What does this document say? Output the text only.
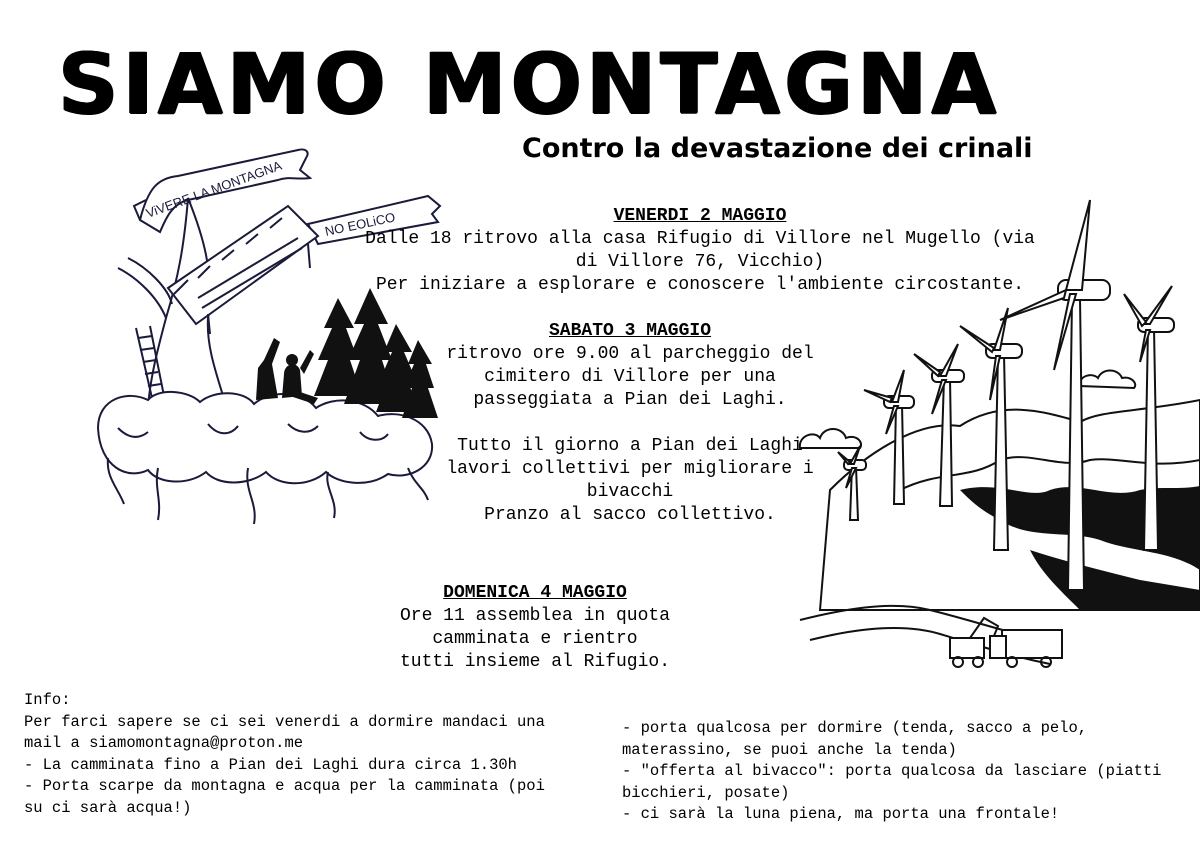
SIAMO MONTAGNA
Contro la devastazione dei crinali
ViVERE LA MONTAGNA
NO EOLiCO	VENERDI 2 MAGGIO
Dalle 18 ritrovo alla casa Rifugio di Villore nel Mugello (via
di Villore 76, Vicchio)
Per iniziare a esplorare e conoscere l'ambiente circostante.
SABATO 3 MAGGIO
ritrovo ore 9.00 al parcheggio del
cimitero di Villore per una
passeggiata a Pian dei Laghi.
Tutto il giorno a Pian dei Laghi
lavori collettivi per migliorare i
bivacchi
Pranzo al sacco collettivo.
DOMENICA 4 MAGGIO
Ore 11 assemblea in quota
camminata e rientro
tutti insieme al Rifugio.
Info:
Per farci sapere se ci sei venerdi a dormire mandaci una
mail a siamomontagna@proton.me
- La camminata fino a Pian dei Laghi dura circa 1.30h
- Porta scarpe da montagna e acqua per la camminata (poi
su ci sarà acqua!)
- porta qualcosa per dormire (tenda, sacco a pelo,
materassino, se puoi anche la tenda)
- "offerta al bivacco": porta qualcosa da lasciare (piatti
bicchieri, posate)
- ci sarà la luna piena, ma porta una frontale!
